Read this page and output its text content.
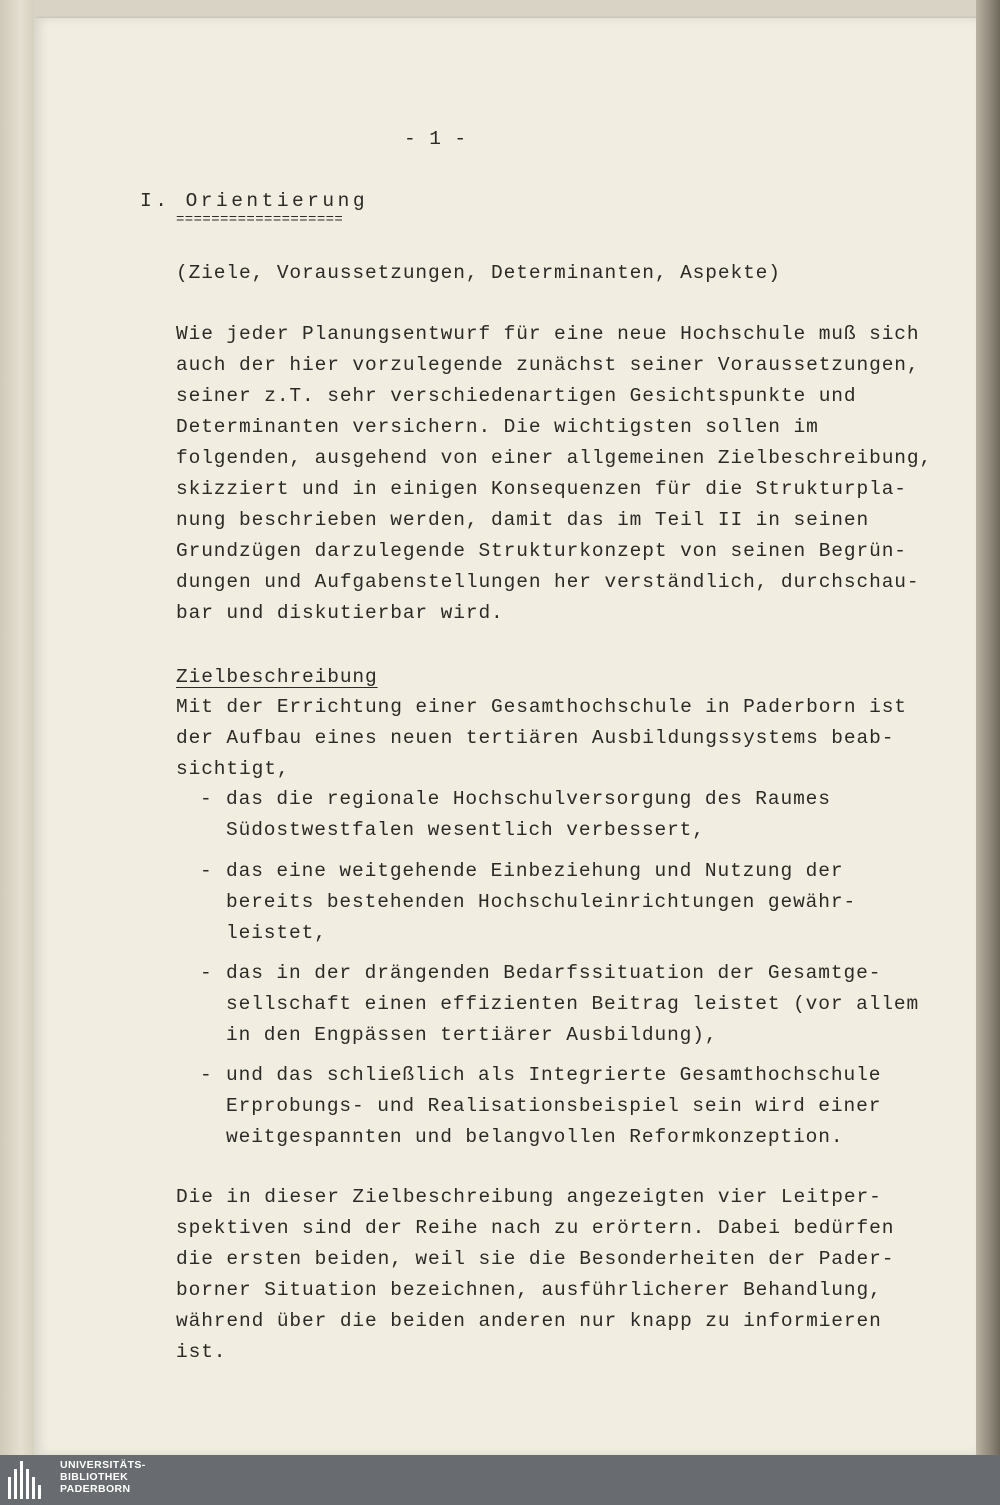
- 1 -
I. Orientierung
===================
(Ziele, Voraussetzungen, Determinanten, Aspekte)
Wie jeder Planungsentwurf für eine neue Hochschule muß sich
auch der hier vorzulegende zunächst seiner Voraussetzungen,
seiner z.T. sehr verschiedenartigen Gesichtspunkte und
Determinanten versichern. Die wichtigsten sollen im
folgenden, ausgehend von einer allgemeinen Zielbeschreibung,
skizziert und in einigen Konsequenzen für die Strukturpla-
nung beschrieben werden, damit das im Teil II in seinen
Grundzügen darzulegende Strukturkonzept von seinen Begrün-
dungen und Aufgabenstellungen her verständlich, durchschau-
bar und diskutierbar wird.
Zielbeschreibung
Mit der Errichtung einer Gesamthochschule in Paderborn ist
der Aufbau eines neuen tertiären Ausbildungssystems beab-
sichtigt,
- das die regionale Hochschulversorgung des Raumes
Südostwestfalen wesentlich verbessert,
- das eine weitgehende Einbeziehung und Nutzung der
bereits bestehenden Hochschuleinrichtungen gewähr-
leistet,
- das in der drängenden Bedarfssituation der Gesamtge-
sellschaft einen effizienten Beitrag leistet (vor allem
in den Engpässen tertiärer Ausbildung),
- und das schließlich als Integrierte Gesamthochschule
Erprobungs- und Realisationsbeispiel sein wird einer
weitgespannten und belangvollen Reformkonzeption.
Die in dieser Zielbeschreibung angezeigten vier Leitper-
spektiven sind der Reihe nach zu erörtern. Dabei bedürfen
die ersten beiden, weil sie die Besonderheiten der Pader-
borner Situation bezeichnen, ausführlicherer Behandlung,
während über die beiden anderen nur knapp zu informieren
ist.
UNIVERSITÄTS-
BIBLIOTHEK
PADERBORN
